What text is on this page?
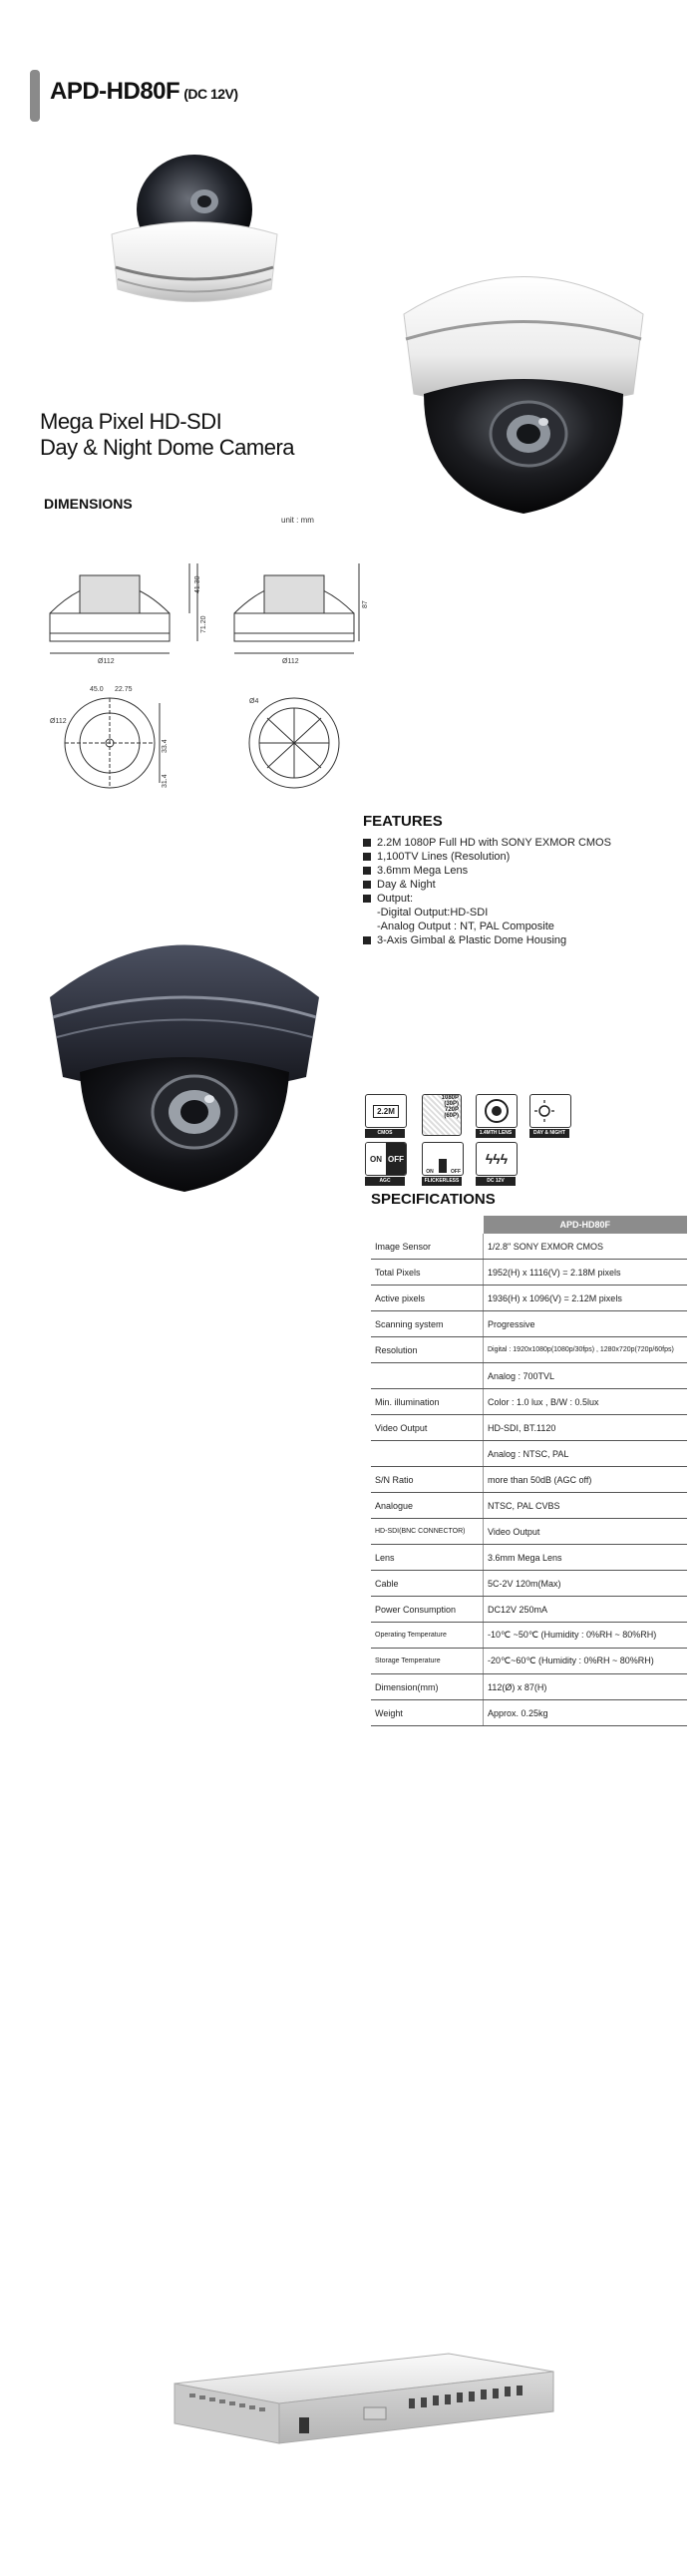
APD-HD80F (DC 12V)
Mega Pixel HD-SDI
Day & Night Dome Camera
DIMENSIONS
unit : mm
41.30
71.20
Ø112
87
Ø112
45.0 22.75
Ø112
33.4
31.4
Ø4
FEATURES
2.2M 1080P Full HD with SONY EXMOR CMOS
1,100TV Lines (Resolution)
3.6mm Mega Lens
Day & Night
Output:
-Digital Output:HD-SDI
-Analog Output : NT, PAL Composite
3-Axis Gimbal & Plastic Dome Housing
2.2M
CMOS
1080P
(30P)
720P
(60P)
1.4MTH LENS	DAY & NIGHT
ON OFF
AGC
ON	OFF
FLICKERLESS
ϟϟϟ
DC 12V
SPECIFICATIONS
	APD-HD80F
Image Sensor	1/2.8" SONY EXMOR CMOS
Total Pixels	1952(H) x 1116(V) = 2.18M pixels
Active pixels	1936(H) x 1096(V) = 2.12M pixels
Scanning system	Progressive
Resolution	Digital : 1920x1080p(1080p/30fps) , 1280x720p(720p/60fps)
	Analog : 700TVL
Min. illumination	Color : 1.0 lux , B/W : 0.5lux
Video Output	HD-SDI, BT.1120
	Analog : NTSC, PAL
S/N Ratio	more than 50dB (AGC off)
Analogue	NTSC, PAL CVBS
HD-SDI(BNC CONNECTOR)	Video Output
Lens	3.6mm Mega Lens
Cable	5C-2V 120m(Max)
Power Consumption	DC12V 250mA
Operating Temperature	-10℃ ~50℃ (Humidity : 0%RH ~ 80%RH)
Storage Temperature	-20℃~60℃ (Humidity : 0%RH ~ 80%RH)
Dimension(mm)	112(Ø) x 87(H)
Weight	Approx. 0.25kg
